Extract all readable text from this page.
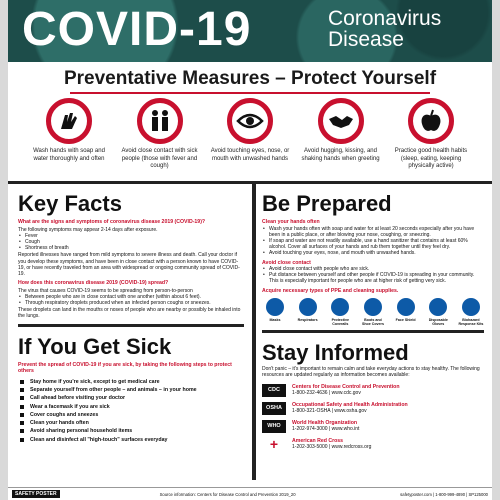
COVID-19	Coronavirus
Disease
Preventative Measures – Protect Yourself
Wash hands with soap and water thoroughly and often
Avoid close contact with sick people (those with fever and cough)
Avoid touching eyes, nose, or mouth with unwashed hands
Avoid hugging, kissing, and shaking hands when greeting
Practice good health habits (sleep, eating, keeping physically active)
Key Facts
What are the signs and symptoms of coronavirus disease 2019 (COVID-19)?
The following symptoms may appear 2-14 days after exposure.
• Fever
• Cough
• Shortness of breath
Reported illnesses have ranged from mild symptoms to severe illness and death. Call your doctor if you develop these symptoms, and have been in close contact with a person known to have COVID-19, or have recently traveled from an area with widespread or ongoing community spread of COVID-19.
How does this coronavirus disease 2019 (COVID-19) spread?
The virus that causes COVID-19 seems to be spreading from person-to-person
• Between people who are in close contact with one another (within about 6 feet).
• Through respiratory droplets produced when an infected person coughs or sneezes.
These droplets can land in the mouths or noses of people who are nearby or possibly be inhaled into the lungs.
If You Get Sick
Prevent the spread of COVID-19 if you are sick, by taking the following steps to protect others
Stay home if you're sick, except to get medical care
Separate yourself from other people – and animals – in your home
Call ahead before visiting your doctor
Wear a facemask if you are sick
Cover coughs and sneezes
Clean your hands often
Avoid sharing personal household items
Clean and disinfect all "high-touch" surfaces everyday
Be Prepared
Clean your hands often
• Wash your hands often with soap and water for at least 20 seconds especially after you have been in a public place, or after blowing your nose, coughing, or sneezing.
• If soap and water are not readily available, use a hand sanitizer that contains at least 60% alcohol. Cover all surfaces of your hands and rub them together until they feel dry.
• Avoid touching your eyes, nose, and mouth with unwashed hands.
Avoid close contact
• Avoid close contact with people who are sick.
• Put distance between yourself and other people if COVID-19 is spreading in your community. This is especially important for people who are at higher risk of getting very sick.
Acquire necessary types of PPE and cleaning supplies.
Masks	Respirators	Protective Coveralls
Boots and Shoe Covers
Face Shield	Disposable Gloves
Biohazard Response Kits
Stay Informed
Don't panic – it's important to remain calm and take everyday actions to stay healthy. The following resources are updated regularly as information becomes available:
CDC
Centers for Disease Control and Prevention
1-800-232-4636 | www.cdc.gov
OSHA
Occupational Safety and Health Administration
1-800-321-OSHA | www.osha.gov
WHO
World Health Organization
1-202-974-3000 | www.who.int
+	American Red Cross
1-202-303-5000 | www.redcross.org
SAFETY POSTER	Source information: Centers for Disease Control and Prevention 2019_20	safetyposter.com | 1-800-999-4890 | SP125000
